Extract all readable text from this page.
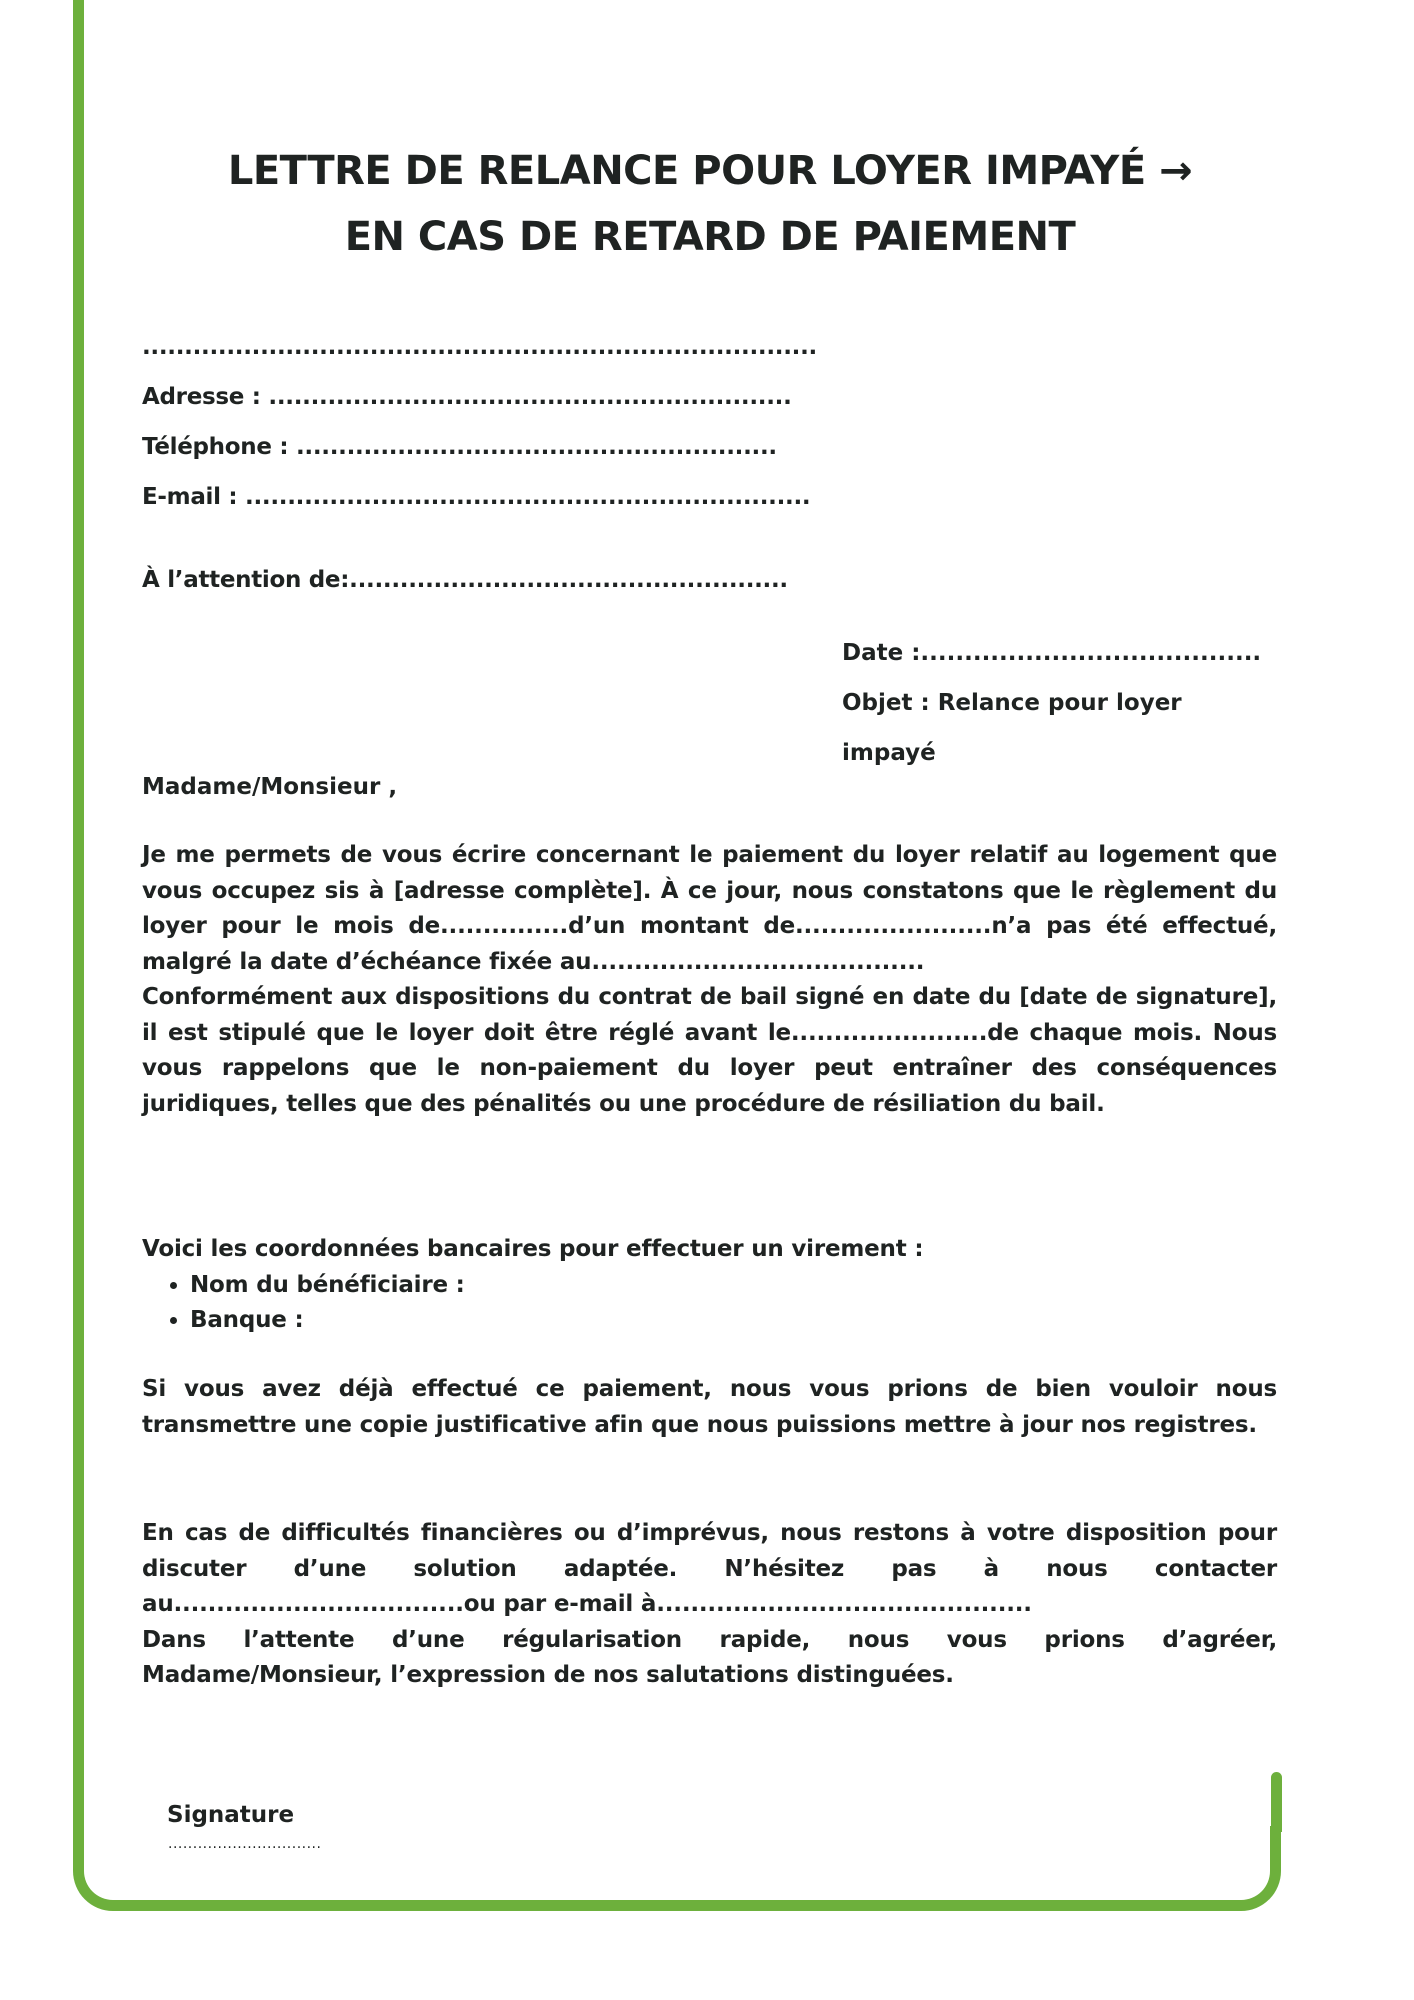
LETTRE DE RELANCE POUR LOYER IMPAYÉ →
EN CAS DE RETARD DE PAIEMENT
................................................................................
Adresse : ..............................................................
Téléphone : .........................................................
E-mail : ...................................................................
À l’attention de:....................................................
Date :.......................................
Objet : Relance pour loyer
impayé
Madame/Monsieur ,

Je me permets de vous écrire concernant le paiement du loyer relatif au logement que vous occupez sis à [adresse complète]. À ce jour, nous constatons que le règlement du loyer pour le mois de...............d’un montant de.......................n’a pas été effectué, malgré la date d’échéance fixée au.......................................

Conformément aux dispositions du contrat de bail signé en date du [date de signature], il est stipulé que le loyer doit être réglé avant le.......................de chaque mois. Nous vous rappelons que le non-paiement du loyer peut entraîner des conséquences juridiques, telles que des pénalités ou une procédure de résiliation du bail.

Voici les coordonnées bancaires pour effectuer un virement :

• Nom du bénéficiaire :
• Banque :

Si vous avez déjà effectué ce paiement, nous vous prions de bien vouloir nous transmettre une copie justificative afin que nous puissions mettre à jour nos registres.

En cas de difficultés financières ou d’imprévus, nous restons à votre disposition pour discuter d’une solution adaptée. N’hésitez pas à nous contacter au..................................ou par e-mail à............................................

Dans l’attente d’une régularisation rapide, nous vous prions d’agréer, Madame/Monsieur, l’expression de nos salutations distinguées.

Signature
...............................
